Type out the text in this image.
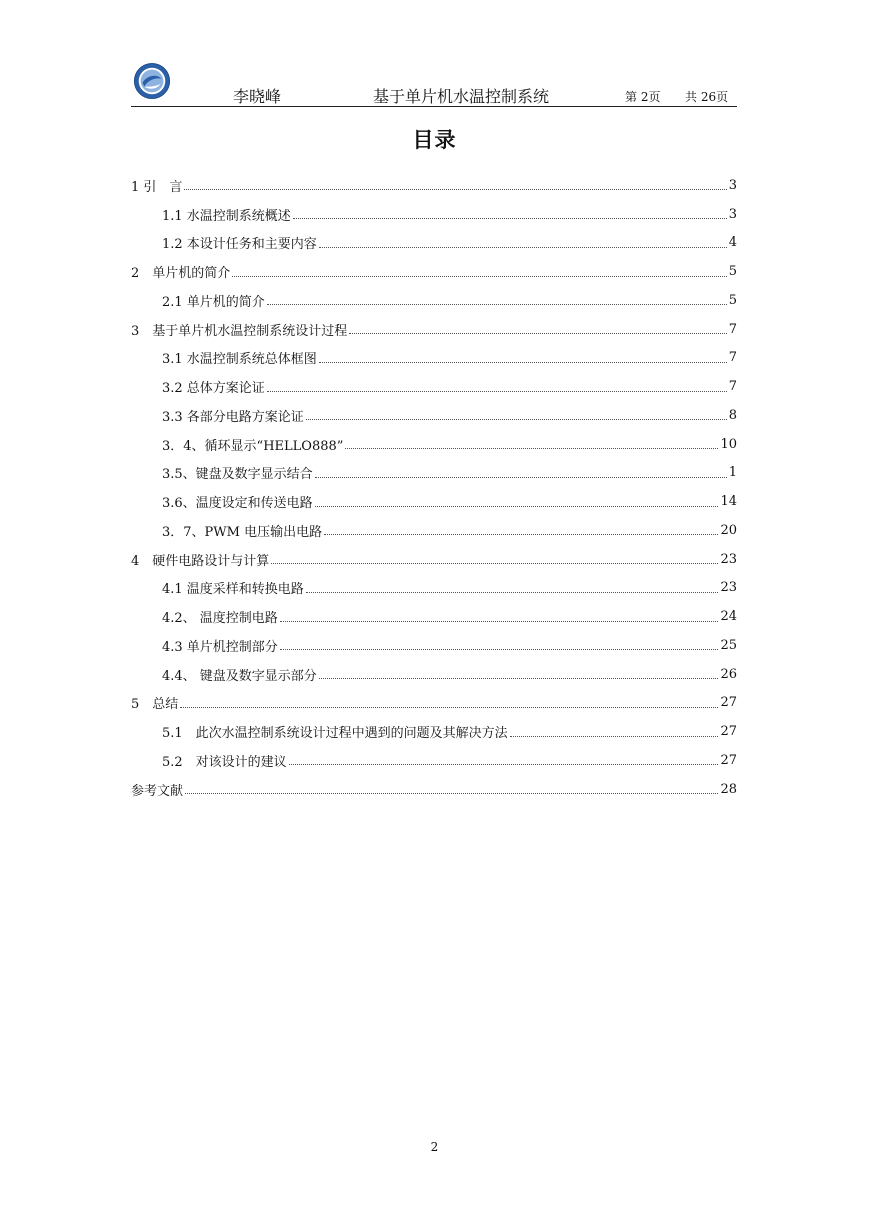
李晓峰	基于单片机水温控制系统	第 2页 共 26页
目录
1 引　言	3
1.1 水温控制系统概述	3
1.2 本设计任务和主要内容	4
2　单片机的简介	5
2.1 单片机的简介	5
3　基于单片机水温控制系统设计过程	7
3.1 水温控制系统总体框图	7
3.2 总体方案论证	7
3.3 各部分电路方案论证	8
3．4、循环显示“HELLO888”	10
3.5、键盘及数字显示结合	1
3.6、温度设定和传送电路	14
3．7、PWM 电压输出电路	20
4　硬件电路设计与计算	23
4.1 温度采样和转换电路	23
4.2、 温度控制电路	24
4.3 单片机控制部分	25
4.4、 键盘及数字显示部分	26
5　总结	27
5.1　此次水温控制系统设计过程中遇到的问题及其解决方法	27
5.2　对该设计的建议	27
参考文献	28
2
